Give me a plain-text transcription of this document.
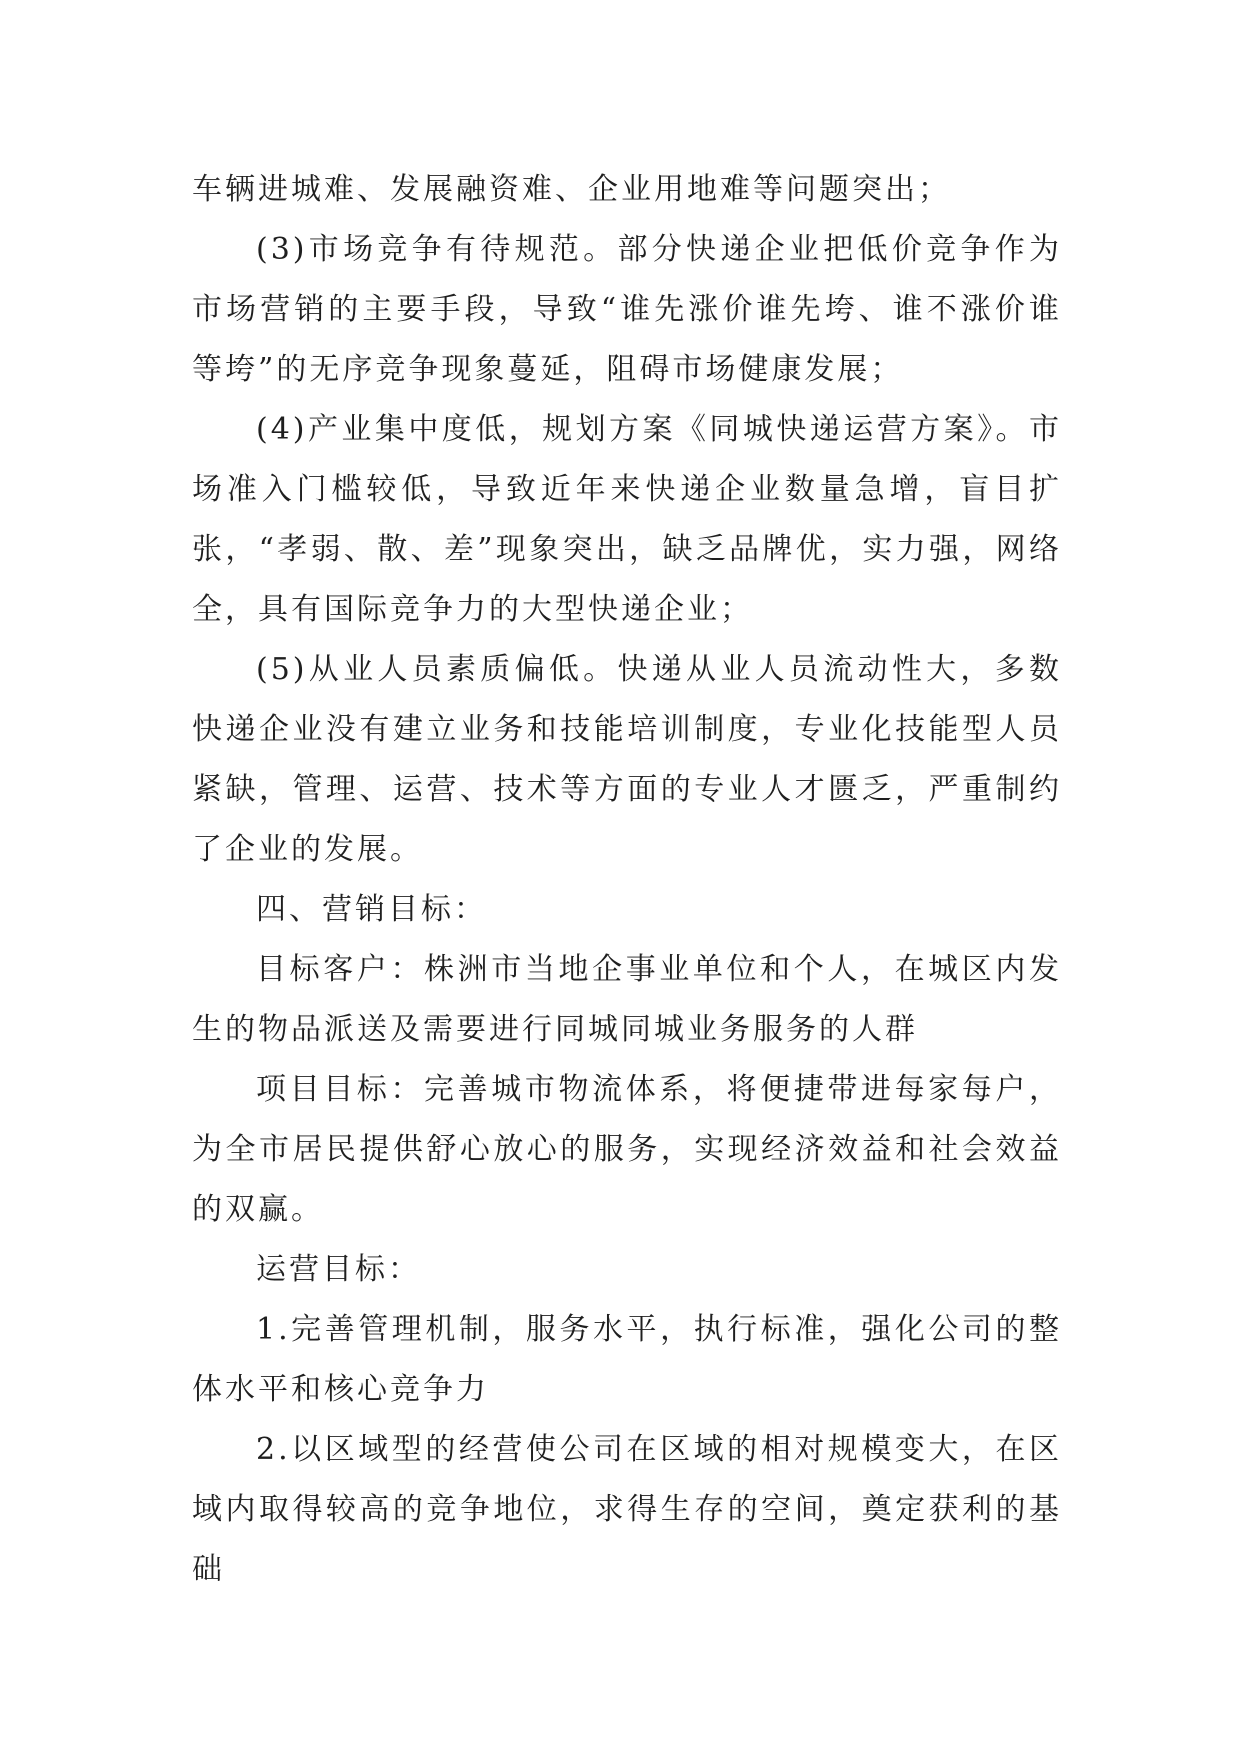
车辆进城难、发展融资难、企业用地难等问题突出；

(3)市场竞争有待规范。部分快递企业把低价竞争作为市场营销的主要手段，导致“谁先涨价谁先垮、谁不涨价谁等垮”的无序竞争现象蔓延，阻碍市场健康发展；

(4)产业集中度低，规划方案《同城快递运营方案》。市场准入门槛较低，导致近年来快递企业数量急增，盲目扩张，“孝弱、散、差”现象突出，缺乏品牌优，实力强，网络全，具有国际竞争力的大型快递企业；

(5)从业人员素质偏低。快递从业人员流动性大，多数快递企业没有建立业务和技能培训制度，专业化技能型人员紧缺，管理、运营、技术等方面的专业人才匮乏，严重制约了企业的发展。

四、营销目标：

目标客户：株洲市当地企事业单位和个人，在城区内发生的物品派送及需要进行同城同城业务服务的人群

项目目标：完善城市物流体系，将便捷带进每家每户，为全市居民提供舒心放心的服务，实现经济效益和社会效益的双赢。

运营目标：

1.完善管理机制，服务水平，执行标准，强化公司的整体水平和核心竞争力

2.以区域型的经营使公司在区域的相对规模变大，在区域内取得较高的竞争地位，求得生存的空间，奠定获利的基础
